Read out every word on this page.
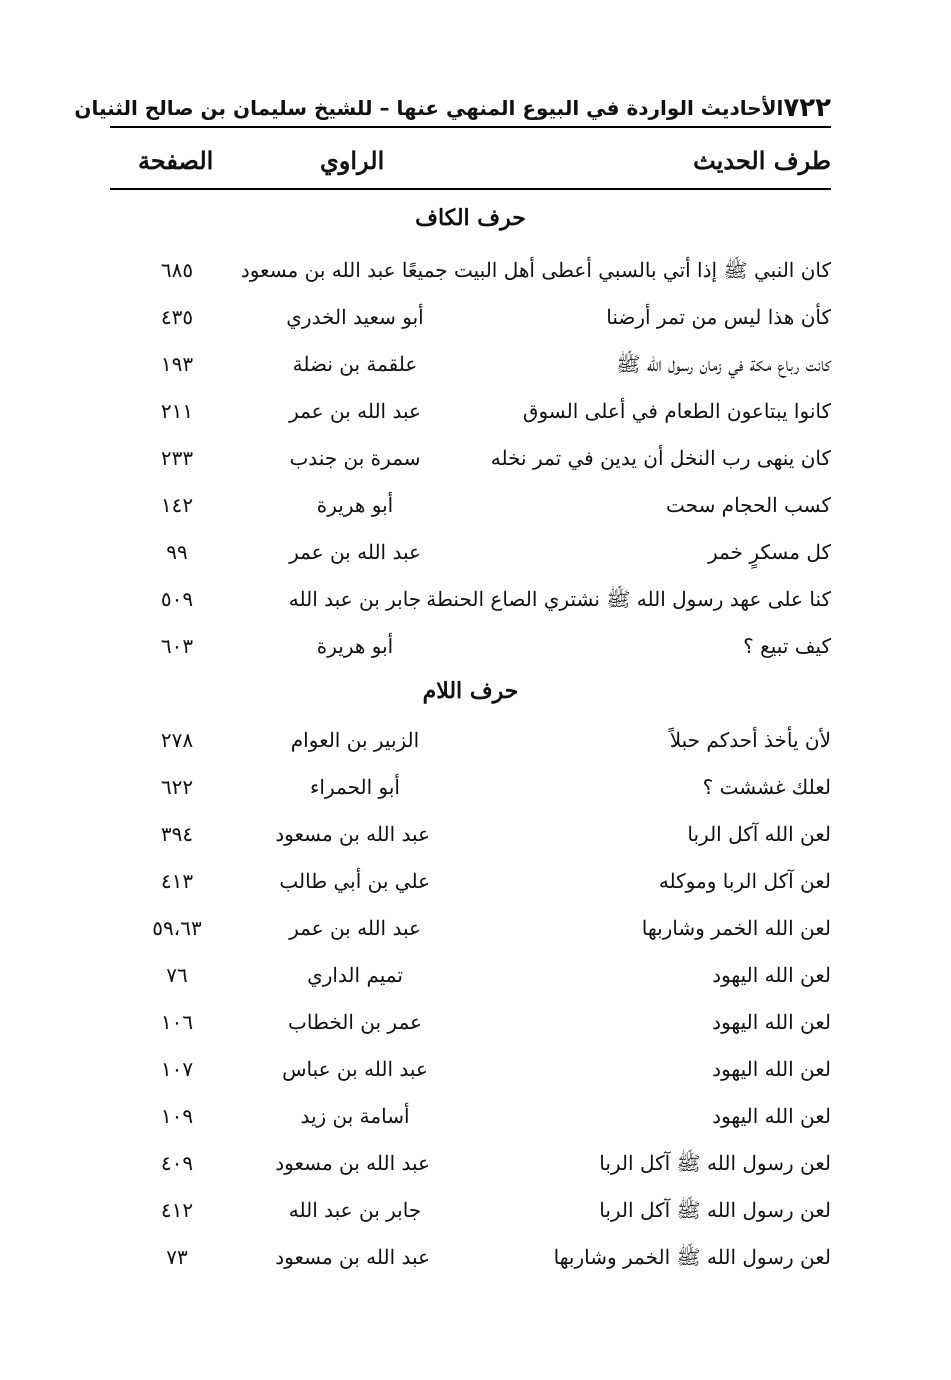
٧٢٢
الأحاديث الواردة في البيوع المنهي عنها – للشيخ سليمان بن صالح الثنيان
طرف الحديث
الراوي
الصفحة
حرف الكاف
كان النبي ﷺ إذا أتي بالسبي أعطى أهل البيت جميعًا عبد الله بن مسعود
٦٨٥
كأن هذا ليس من تمر أرضنا
أبو سعيد الخدري
٤٣٥
كانت رباع مكة في زمان رسول الله ﷺ
علقمة بن نضلة
١٩٣
كانوا يبتاعون الطعام في أعلى السوق
عبد الله بن عمر
٢١١
كان ينهى رب النخل أن يدين في تمر نخله
سمرة بن جندب
٢٣٣
كسب الحجام سحت
أبو هريرة
١٤٢
كل مسكرٍ خمر
عبد الله بن عمر
٩٩
كنا على عهد رسول الله ﷺ نشتري الصاع الحنطة
جابر بن عبد الله
٥٠٩
كيف تبيع ؟
أبو هريرة
٦٠٣
حرف اللام
لأن يأخذ أحدكم حبلاً
الزبير بن العوام
٢٧٨
لعلك غششت ؟
أبو الحمراء
٦٢٢
لعن الله آكل الربا
عبد الله بن مسعود
٣٩٤
لعن آكل الربا وموكله
علي بن أبي طالب
٤١٣
لعن الله الخمر وشاربها
عبد الله بن عمر
٥٩،٦٣
لعن الله اليهود
تميم الداري
٧٦
لعن الله اليهود
عمر بن الخطاب
١٠٦
لعن الله اليهود
عبد الله بن عباس
١٠٧
لعن الله اليهود
أسامة بن زيد
١٠٩
لعن رسول الله ﷺ آكل الربا
عبد الله بن مسعود
٤٠٩
لعن رسول الله ﷺ آكل الربا
جابر بن عبد الله
٤١٢
لعن رسول الله ﷺ الخمر وشاربها
عبد الله بن مسعود
٧٣
